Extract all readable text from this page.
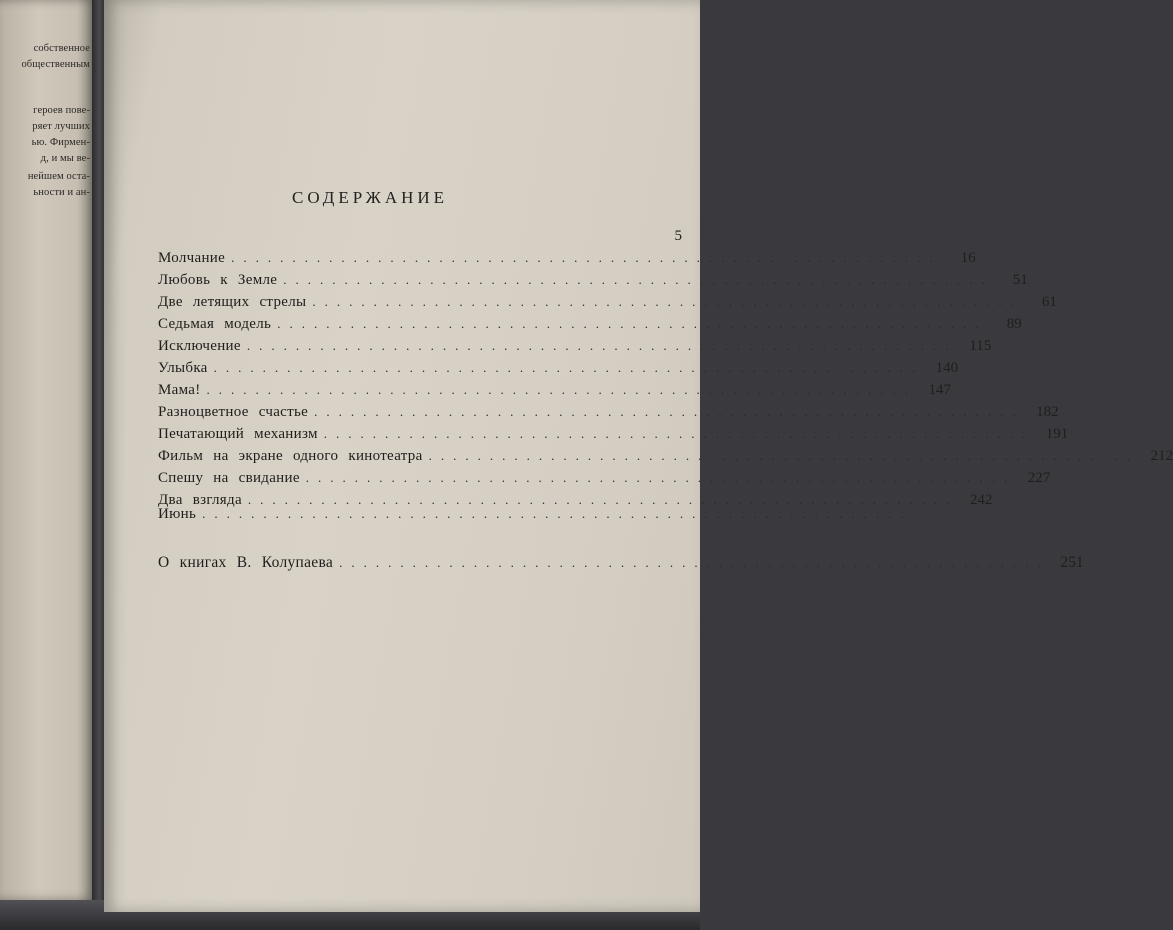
собственное
общественным
героев пове-
ряет лучших
ью. Фирмен-
д, и мы ве-
нейшем оста-
ьности и ан-	СОДЕРЖАНИЕ
5
Молчание ..........................................................	16
Любовь к Земле ..........................................................	51
Две летящих стрелы ..........................................................	61
Седьмая модель ..........................................................	89
Исключение .......................................................... 115
Улыбка .......................................................... 140
Мама! .......................................................... 147
Разноцветное счастье .......................................................... 182
Печатающий механизм .......................................................... 191
Фильм на экране одного кинотеатра .......................................................... 212
Спешу на свидание .......................................................... 227
Два взгляда .......................................................... 242
Июнь ..........................................................
О книгах В. Колупаева .......................................................... 251
